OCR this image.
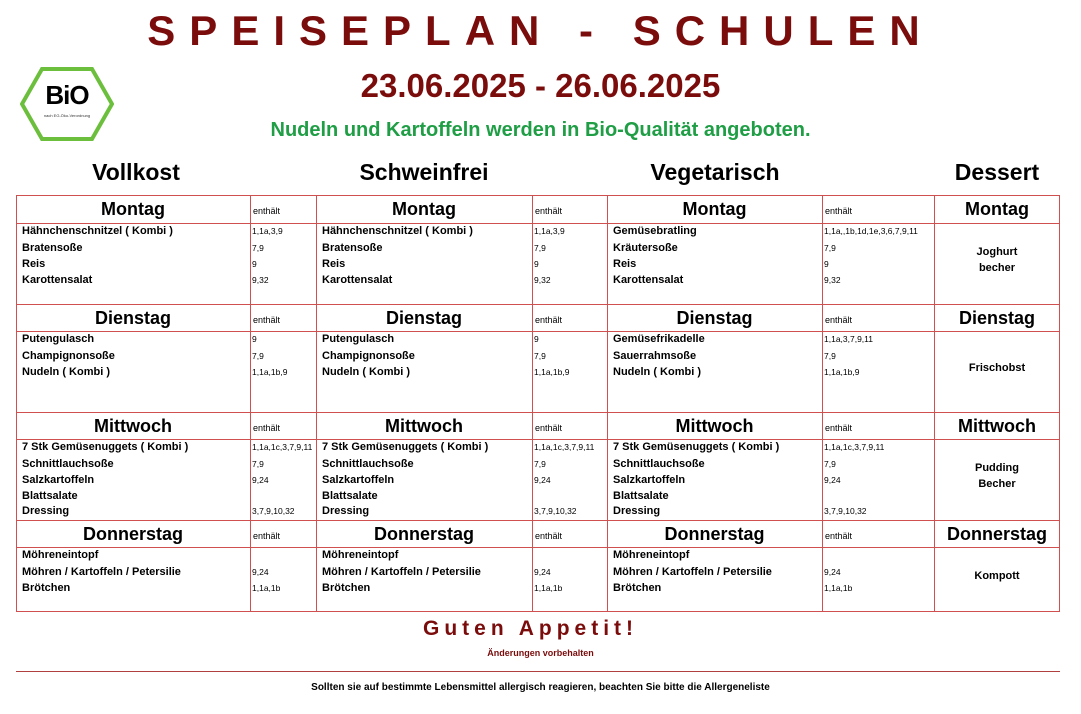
SPEISEPLAN - SCHULEN
23.06.2025 - 26.06.2025
Nudeln und Kartoffeln werden in Bio-Qualität angeboten.
BiO
nach EG-Öko-Verordnung
Vollkost	Schweinfrei	Vegetarisch	Dessert
Montag	enthält
Hähnchenschnitzel ( Kombi )	1,1a,3,9
Bratensoße	7,9
Reis	9
Karottensalat	9,32
Montag	enthält
Hähnchenschnitzel ( Kombi )	1,1a,3,9
Bratensoße	7,9
Reis	9
Karottensalat	9,32
Montag	enthält
Gemüsebratling	1,1a,,1b,1d,1e,3,6,7,9,11
Kräutersoße	7,9
Reis	9
Karottensalat	9,32
Montag
Joghurt
becher
Dienstag	enthält
Putengulasch	9
Champignonsoße	7,9
Nudeln ( Kombi )	1,1a,1b,9
Dienstag	enthält
Putengulasch	9
Champignonsoße	7,9
Nudeln ( Kombi )	1,1a,1b,9
Dienstag	enthält
Gemüsefrikadelle	1,1a,3,7,9,11
Sauerrahmsoße	7,9
Nudeln ( Kombi )	1,1a,1b,9
Dienstag
Frischobst
Mittwoch	enthält
7 Stk Gemüsenuggets ( Kombi )	1,1a,1c,3,7,9,11
Schnittlauchsoße	7,9
Salzkartoffeln	9,24
Blattsalate
Dressing	3,7,9,10,32
Mittwoch	enthält
7 Stk Gemüsenuggets ( Kombi )	1,1a,1c,3,7,9,11
Schnittlauchsoße	7,9
Salzkartoffeln	9,24
Blattsalate
Dressing	3,7,9,10,32
Mittwoch	enthält
7 Stk Gemüsenuggets ( Kombi )	1,1a,1c,3,7,9,11
Schnittlauchsoße	7,9
Salzkartoffeln	9,24
Blattsalate
Dressing	3,7,9,10,32
Mittwoch
Pudding
Becher
Donnerstag	enthält
Möhreneintopf
Möhren / Kartoffeln / Petersilie	9,24
Brötchen	1,1a,1b
Donnerstag	enthält
Möhreneintopf
Möhren / Kartoffeln / Petersilie	9,24
Brötchen	1,1a,1b
Donnerstag	enthält
Möhreneintopf
Möhren / Kartoffeln / Petersilie	9,24
Brötchen	1,1a,1b
Donnerstag
Kompott
Guten Appetit!
Änderungen vorbehalten
Sollten sie auf bestimmte Lebensmittel allergisch reagieren, beachten Sie bitte die Allergeneliste
